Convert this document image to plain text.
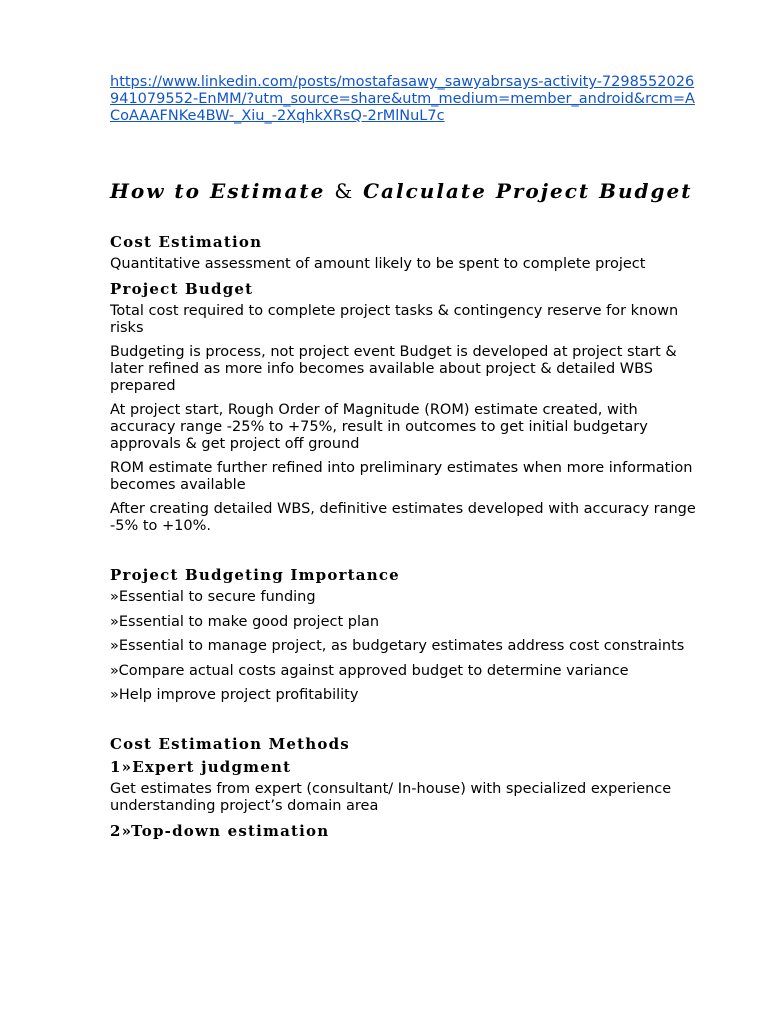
https://www.linkedin.com/posts/mostafasawy_sawyabrsays-activity-7298552026941079552-EnMM/?utm_source=share&utm_medium=member_android&rcm=ACoAAAFNKe4BW-_Xiu_-2XqhkXRsQ-2rMlNuL7c
How to Estimate & Calculate Project Budget
Cost Estimation

Quantitative assessment of amount likely to be spent to complete project

Project Budget

Total cost required to complete project tasks & contingency reserve for known risks

Budgeting is process, not project event Budget is developed at project start & later refined as more info becomes available about project & detailed WBS prepared

At project start, Rough Order of Magnitude (ROM) estimate created, with accuracy range -25% to +75%, result in outcomes to get initial budgetary approvals & get project off ground

ROM estimate further refined into preliminary estimates when more information becomes available

After creating detailed WBS, definitive estimates developed with accuracy range -5% to +10%.

Project Budgeting Importance

»Essential to secure funding

»Essential to make good project plan

»Essential to manage project, as budgetary estimates address cost constraints

»Compare actual costs against approved budget to determine variance

»Help improve project profitability

Cost Estimation Methods
1»Expert judgment

Get estimates from expert (consultant/ In-house) with specialized experience understanding project’s domain area

2»Top-down estimation
